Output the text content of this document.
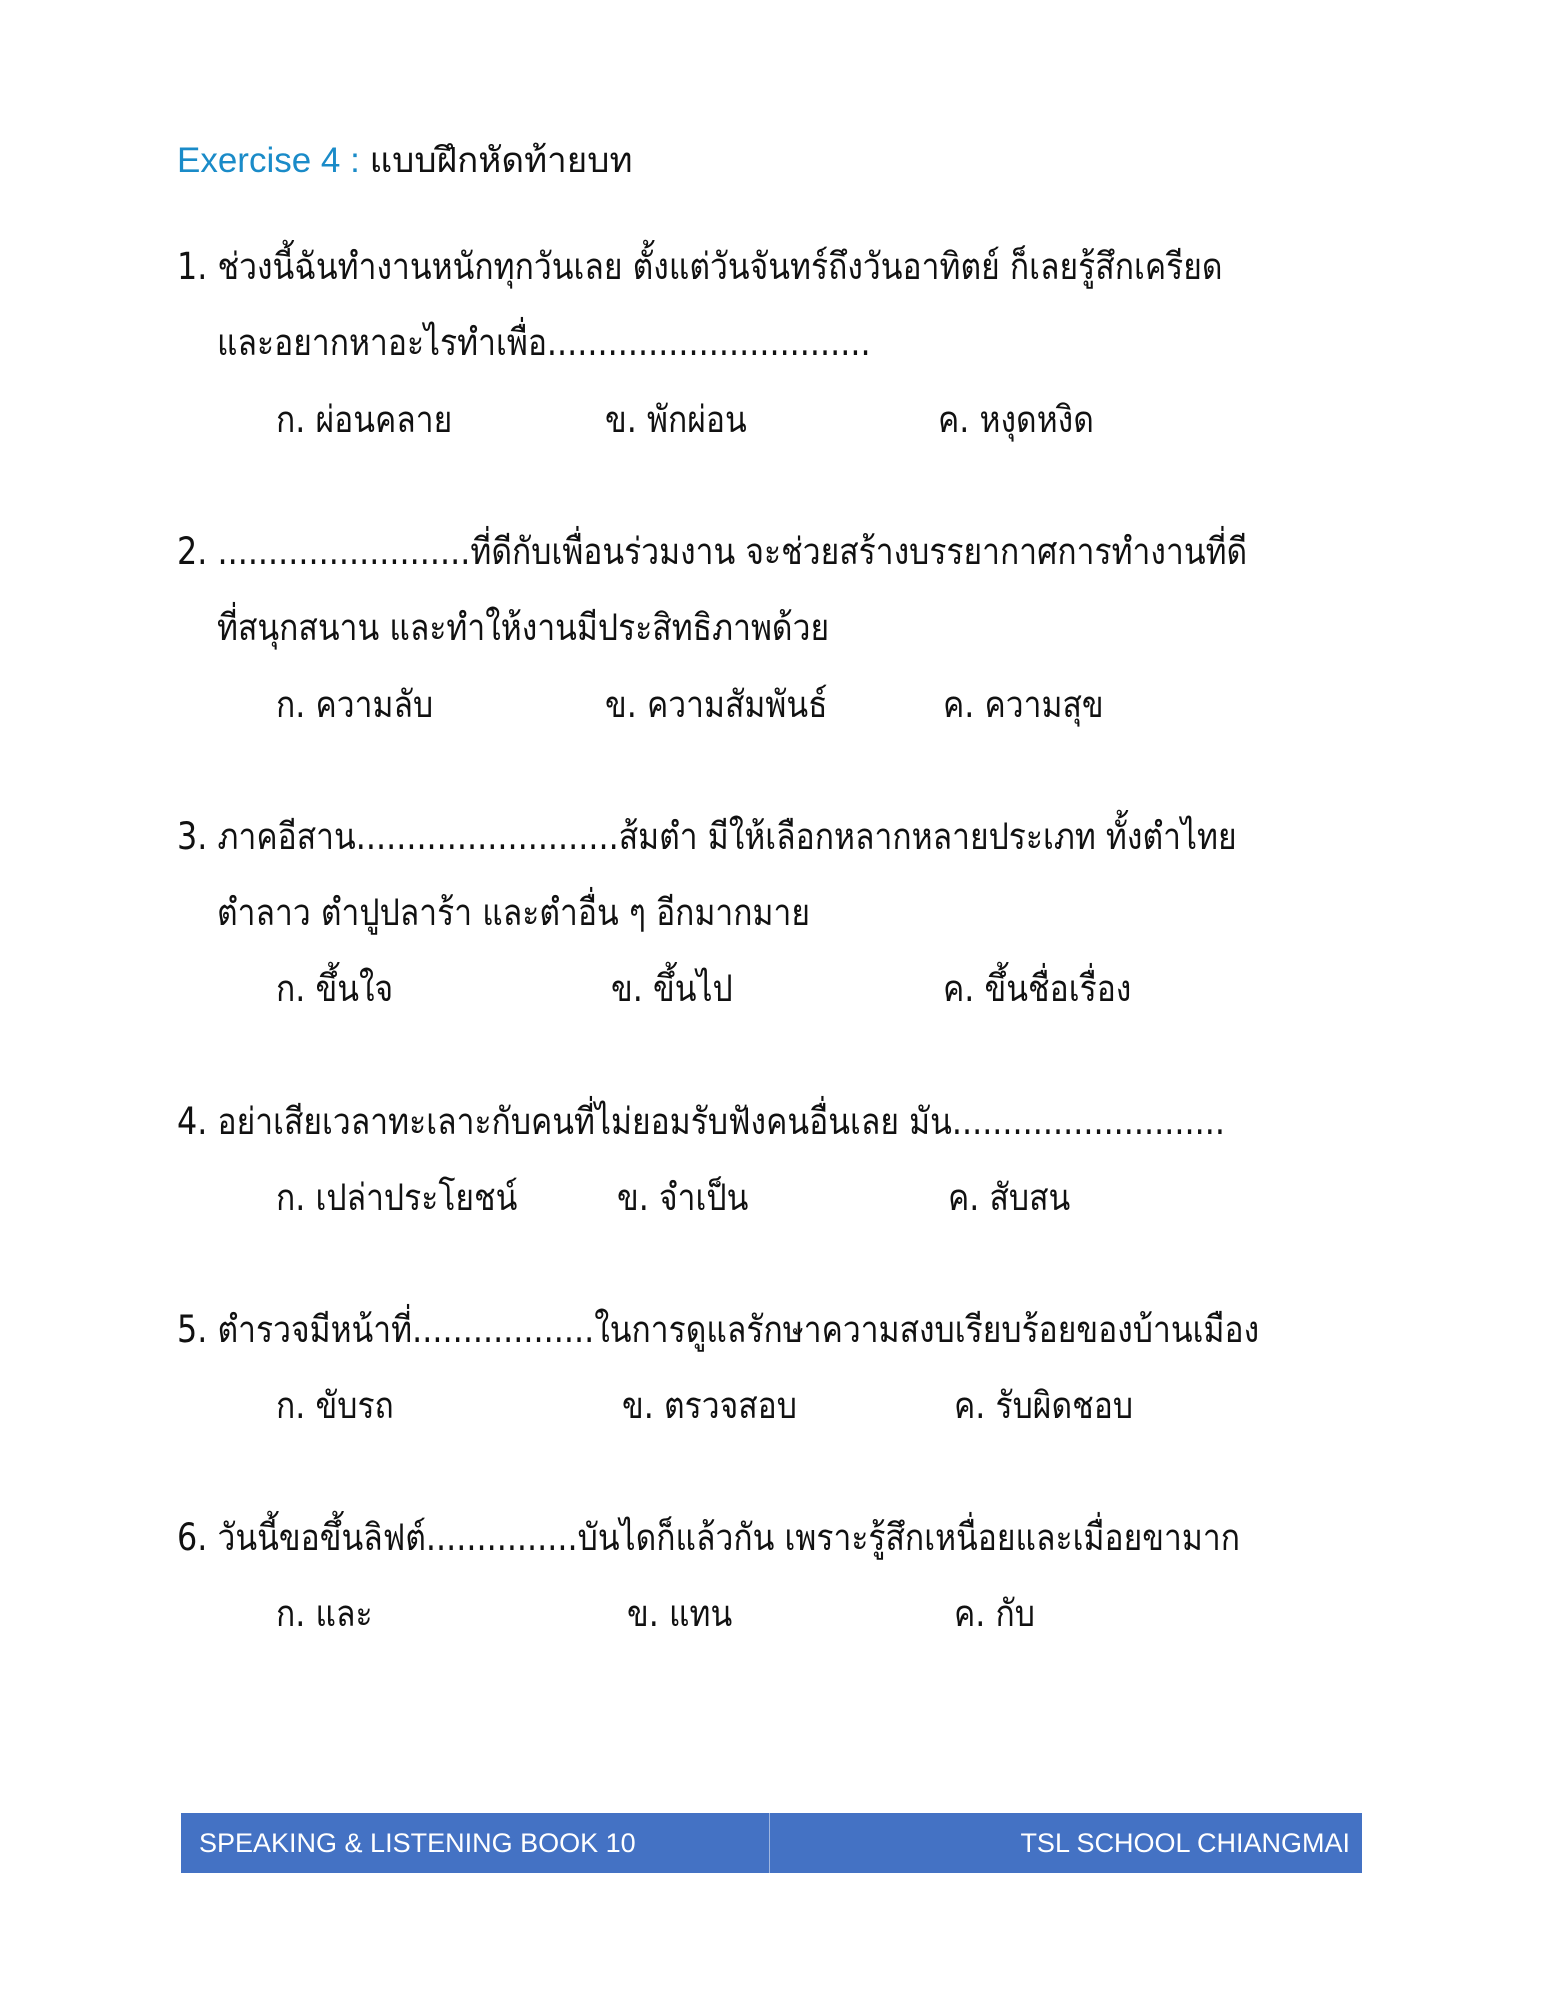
Exercise 4 : แบบฝึกหัดท้ายบท
1. ช่วงนี้ฉันทำงานหนักทุกวันเลย ตั้งแต่วันจันทร์ถึงวันอาทิตย์ ก็เลยรู้สึกเครียด
และอยากหาอะไรทำเพื่อ................................
ก. ผ่อนคลาย	ข. พักผ่อน	ค. หงุดหงิด
2. .........................ที่ดีกับเพื่อนร่วมงาน จะช่วยสร้างบรรยากาศการทำงานที่ดี
ที่สนุกสนาน และทำให้งานมีประสิทธิภาพด้วย
ก. ความลับ	ข. ความสัมพันธ์	ค. ความสุข
3. ภาคอีสาน..........................ส้มตำ มีให้เลือกหลากหลายประเภท ทั้งตำไทย
ตำลาว ตำปูปลาร้า และตำอื่น ๆ อีกมากมาย
ก. ขึ้นใจ	ข. ขึ้นไป	ค. ขึ้นชื่อเรื่อง
4. อย่าเสียเวลาทะเลาะกับคนที่ไม่ยอมรับฟังคนอื่นเลย มัน...........................
ก. เปล่าประโยชน์	ข. จำเป็น	ค. สับสน
5. ตำรวจมีหน้าที่..................ในการดูแลรักษาความสงบเรียบร้อยของบ้านเมือง
ก. ขับรถ	ข. ตรวจสอบ	ค. รับผิดชอบ
6. วันนี้ขอขึ้นลิฟต์...............บันไดก็แล้วกัน เพราะรู้สึกเหนื่อยและเมื่อยขามาก
ก. และ	ข. แทน	ค. กับ
SPEAKING & LISTENING BOOK 10	TSL SCHOOL CHIANGMAI
